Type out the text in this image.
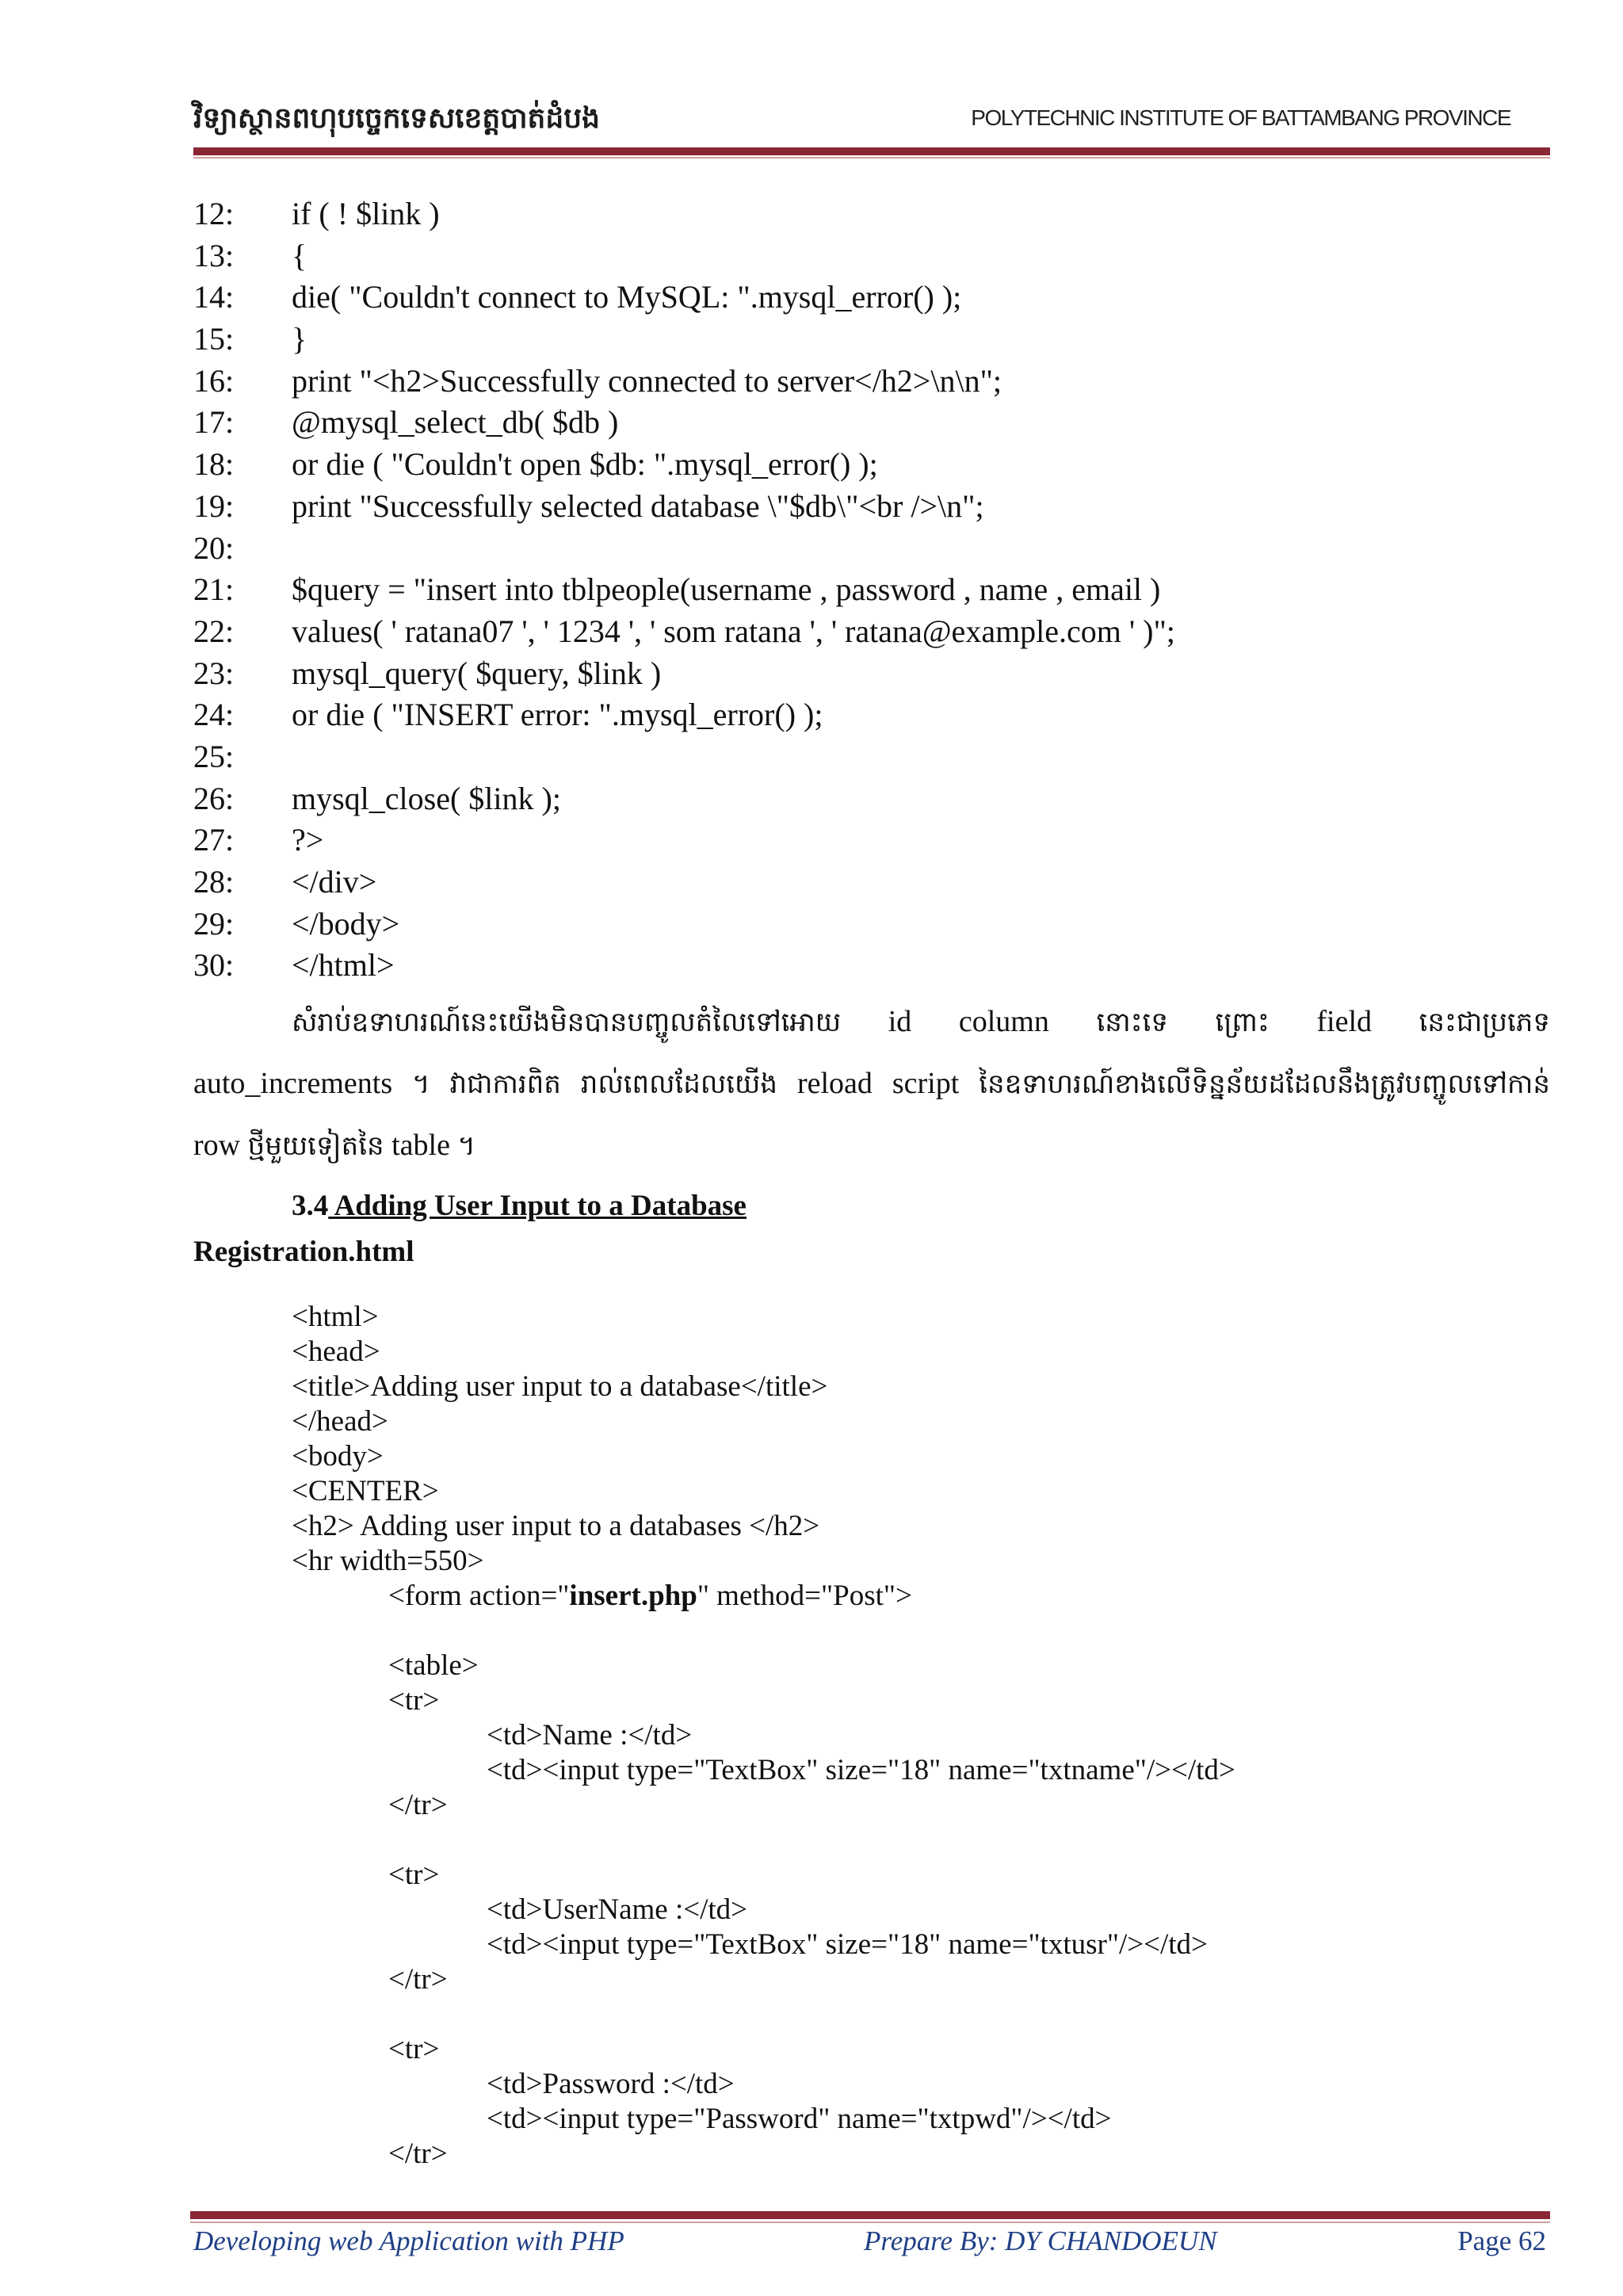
វិទ្យាស្ថានពហុបច្ចេកទេសខេត្តបាត់ដំបង	POLYTECHNIC INSTITUTE OF BATTAMBANG PROVINCE
12: if ( ! $link )
13: {
14: die( "Couldn't connect to MySQL: ".mysql_error() );
15: }
16: print "<h2>Successfully connected to server</h2>\n\n";
17: @mysql_select_db( $db )
18: or die ( "Couldn't open $db: ".mysql_error() );
19: print "Successfully selected database \"$db\"<br />\n";
20:
21: $query = "insert into tblpeople(username , password , name , email )
22: values( ' ratana07 ', ' 1234 ', ' som ratana ', ' ratana@example.com ' )";
23: mysql_query( $query, $link )
24: or die ( "INSERT error: ".mysql_error() );
25:
26: mysql_close( $link );
27: ?>
28: </div>
29: </body>
30: </html>
សំរាប់ឧទាហរណ៍នេះយើងមិនបានបញ្ចូលតំលៃទៅអោយ id column នោះទេ ព្រោះ field នេះជាប្រភេទ
auto_increments ។ វាជាការពិត រាល់ពេលដែលយើង reload script នៃឧទាហរណ៍ខាងលើទិន្នន័យដដែលនឹងត្រូវបញ្ចូលទៅកាន់
row ថ្មីមួយទៀតនៃ table ។
3.4 Adding User Input to a Database
Registration.html
<html>
<head>
<title>Adding user input to a database</title>
</head>
<body>
<CENTER>
<h2> Adding user input to a databases </h2>
<hr width=550>
<form action="insert.php" method="Post">
<table>
<tr>
<td>Name :</td>
<td><input type="TextBox" size="18" name="txtname"/></td>
</tr>
<tr>
<td>UserName :</td>
<td><input type="TextBox" size="18" name="txtusr"/></td>
</tr>
<tr>
<td>Password :</td>
<td><input type="Password" name="txtpwd"/></td>
</tr>
Developing web Application with PHP	Prepare By: DY CHANDOEUN	Page 62
